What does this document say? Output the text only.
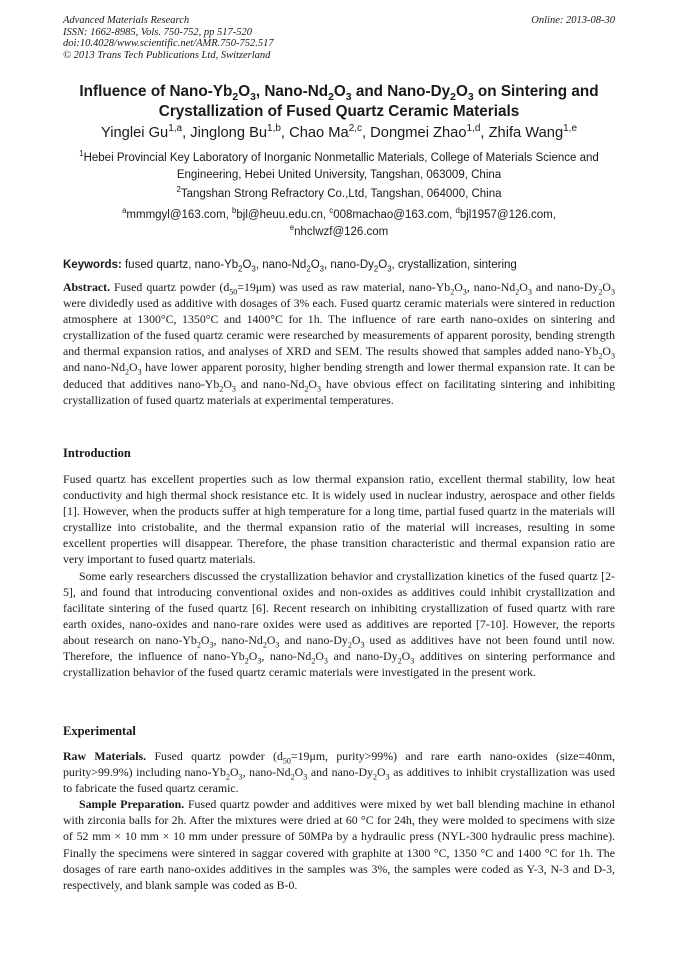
Advanced Materials Research
ISSN: 1662-8985, Vols. 750-752, pp 517-520
doi:10.4028/www.scientific.net/AMR.750-752.517
© 2013 Trans Tech Publications Ltd, Switzerland
Online: 2013-08-30
Influence of Nano-$Yb_2O_3$, Nano-$Nd_2O_3$ and Nano-$Dy_2O_3$ on Sintering and
Crystallization of Fused Quartz Ceramic Materials
Yinglei Gu$^{1,a}$, Jinglong Bu$^{1,b}$, Chao Ma$^{2,c}$, Dongmei Zhao$^{1,d}$, Zhifa Wang$^{1,e}$
$^1$Hebei Provincial Key Laboratory of Inorganic Nonmetallic Materials, College of Materials Science and Engineering, Hebei United University, Tangshan, 063009, China
$^2$Tangshan Strong Refractory Co.,Ltd, Tangshan, 064000, China
$^a$mmmgyl@163.com, $^b$bjl@heuu.edu.cn, $^c$008machao@163.com, $^d$bjl1957@126.com,
$^e$nhclwzf@126.com
Keywords: fused quartz, nano-$Yb_2O_3$, nano-$Nd_2O_3$, nano-$Dy_2O_3$, crystallization, sintering

Abstract. Fused quartz powder $(d_{50}=19\mu m)$ was used as raw material, nano-$Yb_2O_3$, nano-$Nd_2O_3$ and nano-$Dy_2O_3$ were dividedly used as additive with dosages of 3% each. Fused quartz ceramic materials were sintered in reduction atmosphere at 1300°C, 1350°C and 1400°C for 1h. The influence of rare earth nano-oxides on sintering and crystallization of the fused quartz ceramic were researched by measurements of apparent porosity, bending strength and thermal expansion ratios, and analyses of XRD and SEM. The results showed that samples added nano-$Yb_2O_3$ and nano-$Nd_2O_3$ have lower apparent porosity, higher bending strength and lower thermal expansion rate. It can be deduced that additives nano-$Yb_2O_3$ and nano-$Nd_2O_3$ have obvious effect on facilitating sintering and inhibiting crystallization of fused quartz materials at experimental temperatures.

Introduction

Fused quartz has excellent properties such as low thermal expansion ratio, excellent thermal stability, low heat conductivity and high thermal shock resistance etc. It is widely used in nuclear industry, aerospace and other fields [1]. However, when the products suffer at high temperature for a long time, partial fused quartz in the materials will crystallize into cristobalite, and the thermal expansion ratio of the material will increases, resulting in some excellent properties will disappear. Therefore, the phase transition characteristic and thermal expansion ratio are very important to fused quartz materials.

Some early researchers discussed the crystallization behavior and crystallization kinetics of the fused quartz [2-5], and found that introducing conventional oxides and non-oxides as additives could inhibit crystallization and facilitate sintering of the fused quartz [6]. Recent research on inhibiting crystallization of fused quartz with rare earth oxides, nano-oxides and nano-rare oxides were used as additives are reported [7-10]. However, the reports about research on nano-$Yb_2O_3$, nano-$Nd_2O_3$ and nano-$Dy_2O_3$ used as additives have not been found until now. Therefore, the influence of nano-$Yb_2O_3$, nano-$Nd_2O_3$ and nano-$Dy_2O_3$ additives on sintering performance and crystallization behavior of the fused quartz ceramic materials were investigated in the present work.

Experimental

Raw Materials. Fused quartz powder ($d_{50}=19\mu m$, purity>99%) and rare earth nano-oxides (size=40nm, purity>99.9%) including nano-$Yb_2O_3$, nano-$Nd_2O_3$ and nano-$Dy_2O_3$ as additives to inhibit crystallization was used to fabricate the fused quartz ceramic.

Sample Preparation. Fused quartz powder and additives were mixed by wet ball blending machine in ethanol with zirconia balls for 2h. After the mixtures were dried at 60 °C for 24h, they were molded to specimens with size of 52 mm × 10 mm × 10 mm under pressure of 50MPa by a hydraulic press (NYL-300 hydraulic press machine). Finally the specimens were sintered in saggar covered with graphite at 1300 °C, 1350 °C and 1400 °C for 1h. The dosages of rare earth nano-oxides additives in the samples was 3%, the samples were coded as Y-3, N-3 and D-3, respectively, and blank sample was coded as B-0.
